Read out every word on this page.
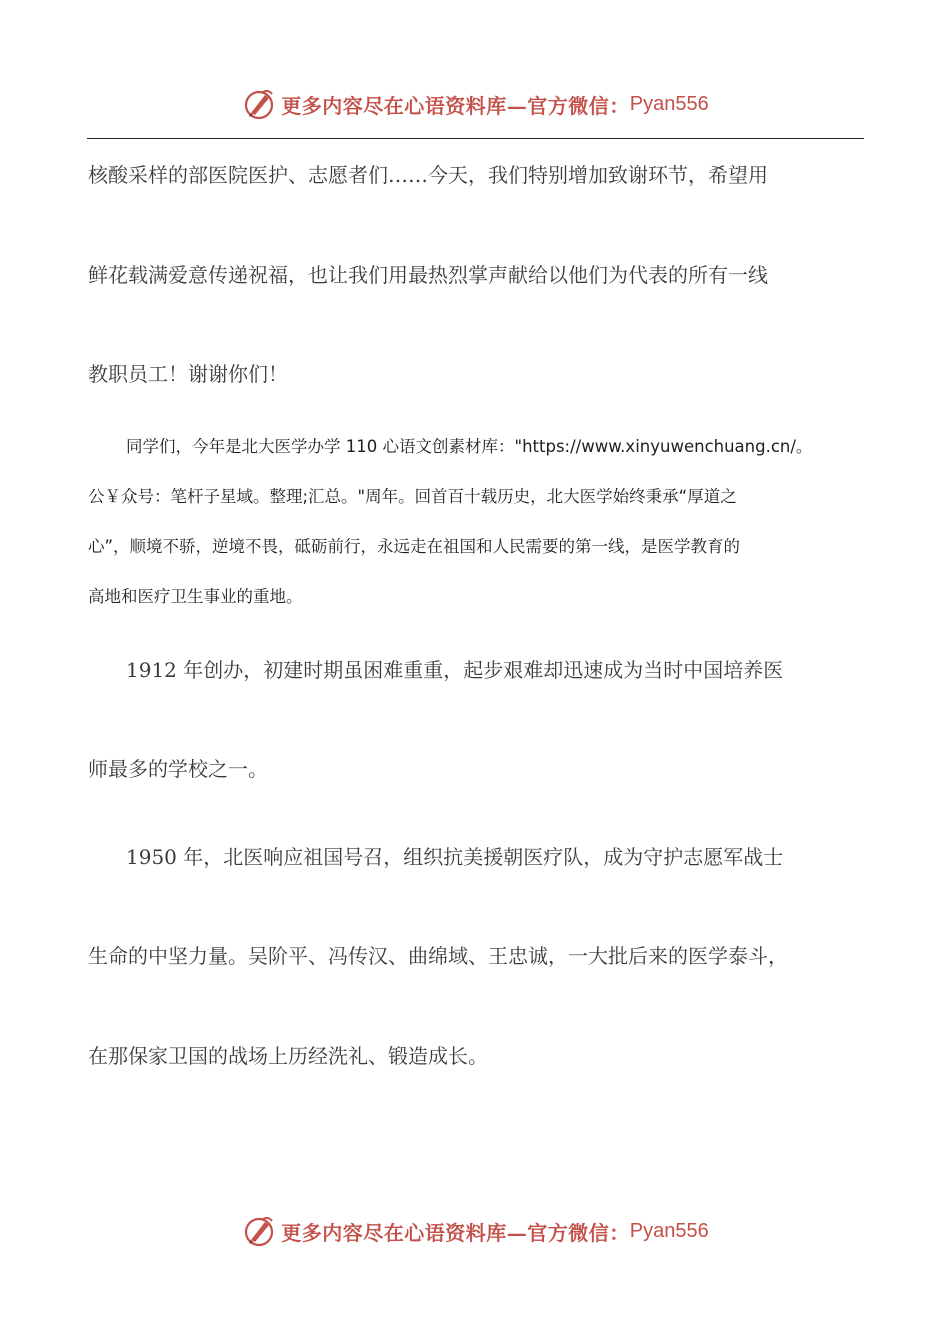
更多内容尽在心语资料库—官方微信： Pyan556
核酸采样的部医院医护、志愿者们……今天，我们特别增加致谢环节，希望用
鲜花载满爱意传递祝福，也让我们用最热烈掌声献给以他们为代表的所有一线
教职员工！谢谢你们！
同学们，今年是北大医学办学 110 心语文创素材库："https://www.xinyuwenchuang.cn/。
公￥众号：笔杆子星域。整理;汇总。"周年。回首百十载历史，北大医学始终秉承“厚道之
心”，顺境不骄，逆境不畏，砥砺前行，永远走在祖国和人民需要的第一线，是医学教育的
高地和医疗卫生事业的重地。
1912 年创办，初建时期虽困难重重，起步艰难却迅速成为当时中国培养医
师最多的学校之一。
1950 年，北医响应祖国号召，组织抗美援朝医疗队，成为守护志愿军战士
生命的中坚力量。吴阶平、冯传汉、曲绵域、王忠诚，一大批后来的医学泰斗，
在那保家卫国的战场上历经洗礼、锻造成长。
更多内容尽在心语资料库—官方微信： Pyan556
